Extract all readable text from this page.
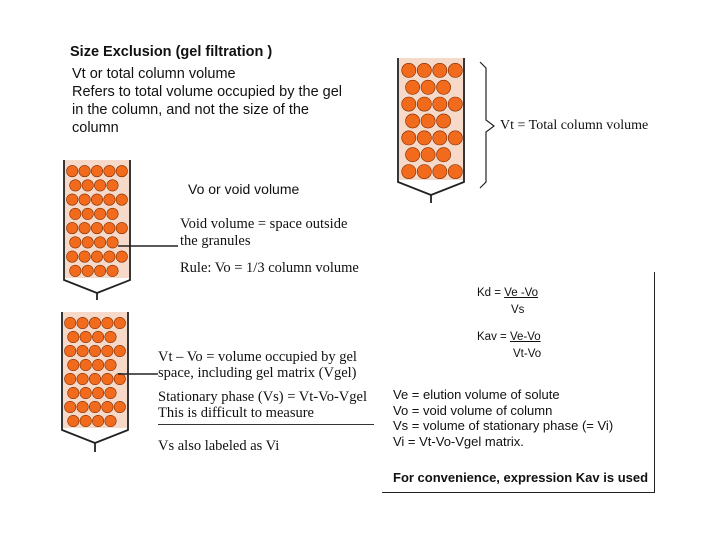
Size Exclusion (gel filtration )
Vt or total column volume
Refers to total volume occupied by the gel
in the column, and not the size of the
column
Vo or void volume
Void volume = space outside
the granules
Rule: Vo = 1/3 column volume
Vt = Total column volume
Vt – Vo = volume occupied by gel
space, including gel matrix (Vgel)
Stationary phase (Vs) = Vt-Vo-Vgel
This is difficult to measure
Vs also labeled as Vi
Kd = Ve -Vo
Vs
Kav = Ve-Vo
Vt-Vo
Ve = elution volume of solute
Vo = void volume of column
Vs = volume of stationary phase (= Vi)
Vi = Vt-Vo-Vgel matrix.
For convenience, expression Kav is used
